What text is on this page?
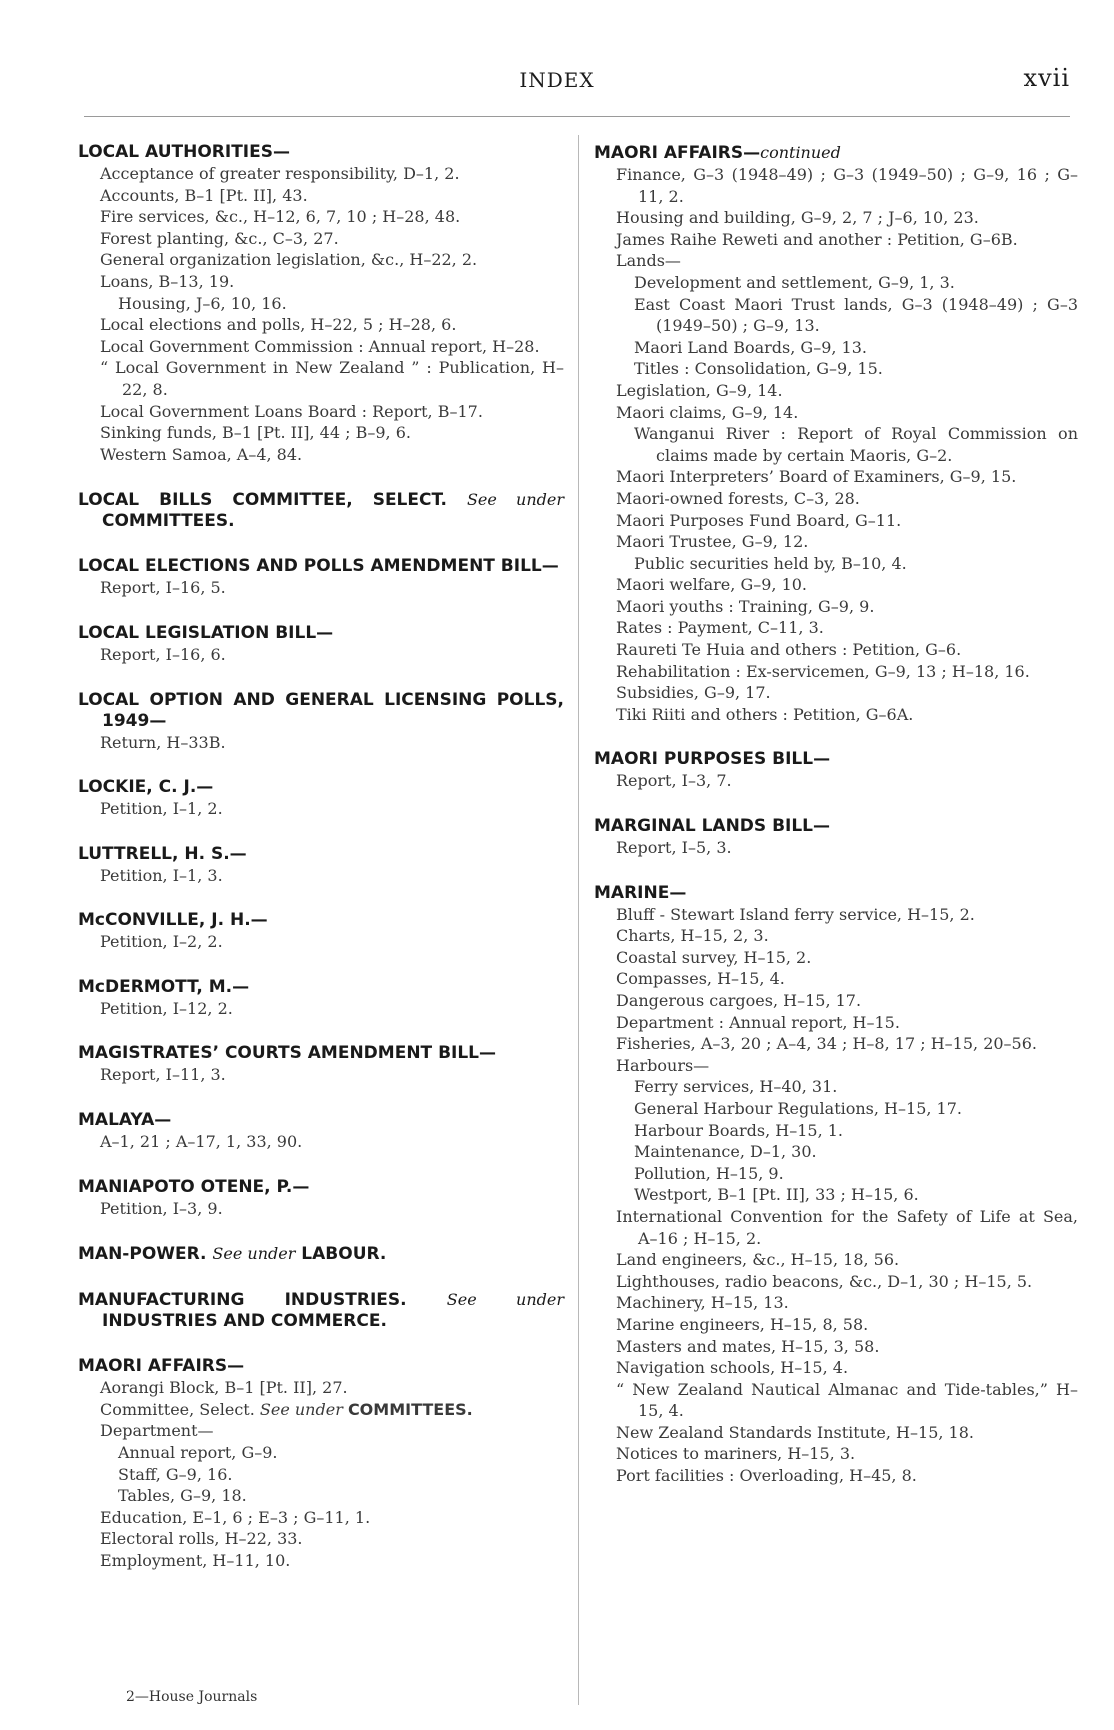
INDEX	xvii
LOCAL AUTHORITIES—
Acceptance of greater responsibility, D–1, 2.
Accounts, B–1 [Pt. II], 43.
Fire services, &c., H–12, 6, 7, 10 ; H–28, 48.
Forest planting, &c., C–3, 27.
General organization legislation, &c., H–22, 2.
Loans, B–13, 19.
Housing, J–6, 10, 16.
Local elections and polls, H–22, 5 ; H–28, 6.
Local Government Commission : Annual report, H–28.
“ Local Government in New Zealand ” : Publication, H–22, 8.
Local Government Loans Board : Report, B–17.
Sinking funds, B–1 [Pt. II], 44 ; B–9, 6.
Western Samoa, A–4, 84.
LOCAL BILLS COMMITTEE, SELECT. See under COMMITTEES.
LOCAL ELECTIONS AND POLLS AMENDMENT BILL—
Report, I–16, 5.
LOCAL LEGISLATION BILL—
Report, I–16, 6.
LOCAL OPTION AND GENERAL LICENSING POLLS, 1949—
Return, H–33B.
LOCKIE, C. J.—
Petition, I–1, 2.
LUTTRELL, H. S.—
Petition, I–1, 3.
McCONVILLE, J. H.—
Petition, I–2, 2.
McDERMOTT, M.—
Petition, I–12, 2.
MAGISTRATES’ COURTS AMENDMENT BILL—
Report, I–11, 3.
MALAYA—
A–1, 21 ; A–17, 1, 33, 90.
MANIAPOTO OTENE, P.—
Petition, I–3, 9.
MAN-POWER. See under LABOUR.
MANUFACTURING INDUSTRIES.	See under INDUSTRIES AND COMMERCE.
MAORI AFFAIRS—
Aorangi Block, B–1 [Pt. II], 27.
Committee, Select. See under COMMITTEES.
Department—
Annual report, G–9.
Staff, G–9, 16.
Tables, G–9, 18.
Education, E–1, 6 ; E–3 ; G–11, 1.
Electoral rolls, H–22, 33.
Employment, H–11, 10.
MAORI AFFAIRS—continued
Finance, G–3 (1948–49) ; G–3 (1949–50) ; G–9, 16 ; G–11, 2.
Housing and building, G–9, 2, 7 ; J–6, 10, 23.
James Raihe Reweti and another : Petition, G–6B.
Lands—
Development and settlement, G–9, 1, 3.
East Coast Maori Trust lands, G–3 (1948–49) ; G–3 (1949–50) ; G–9, 13.
Maori Land Boards, G–9, 13.
Titles : Consolidation, G–9, 15.
Legislation, G–9, 14.
Maori claims, G–9, 14.
Wanganui River : Report of Royal Commission on claims made by certain Maoris, G–2.
Maori Interpreters’ Board of Examiners, G–9, 15.
Maori-owned forests, C–3, 28.
Maori Purposes Fund Board, G–11.
Maori Trustee, G–9, 12.
Public securities held by, B–10, 4.
Maori welfare, G–9, 10.
Maori youths : Training, G–9, 9.
Rates : Payment, C–11, 3.
Raureti Te Huia and others : Petition, G–6.
Rehabilitation : Ex-servicemen, G–9, 13 ; H–18, 16.
Subsidies, G–9, 17.
Tiki Riiti and others : Petition, G–6A.
MAORI PURPOSES BILL—
Report, I–3, 7.
MARGINAL LANDS BILL—
Report, I–5, 3.
MARINE—
Bluff - Stewart Island ferry service, H–15, 2.
Charts, H–15, 2, 3.
Coastal survey, H–15, 2.
Compasses, H–15, 4.
Dangerous cargoes, H–15, 17.
Department : Annual report, H–15.
Fisheries, A–3, 20 ; A–4, 34 ; H–8, 17 ; H–15, 20–56.
Harbours—
Ferry services, H–40, 31.
General Harbour Regulations, H–15, 17.
Harbour Boards, H–15, 1.
Maintenance, D–1, 30.
Pollution, H–15, 9.
Westport, B–1 [Pt. II], 33 ; H–15, 6.
International Convention for the Safety of Life at Sea, A–16 ; H–15, 2.
Land engineers, &c., H–15, 18, 56.
Lighthouses, radio beacons, &c., D–1, 30 ; H–15, 5.
Machinery, H–15, 13.
Marine engineers, H–15, 8, 58.
Masters and mates, H–15, 3, 58.
Navigation schools, H–15, 4.
“ New Zealand Nautical Almanac and Tide-tables,” H–15, 4.
New Zealand Standards Institute, H–15, 18.
Notices to mariners, H–15, 3.
Port facilities : Overloading, H–45, 8.
2—House Journals
